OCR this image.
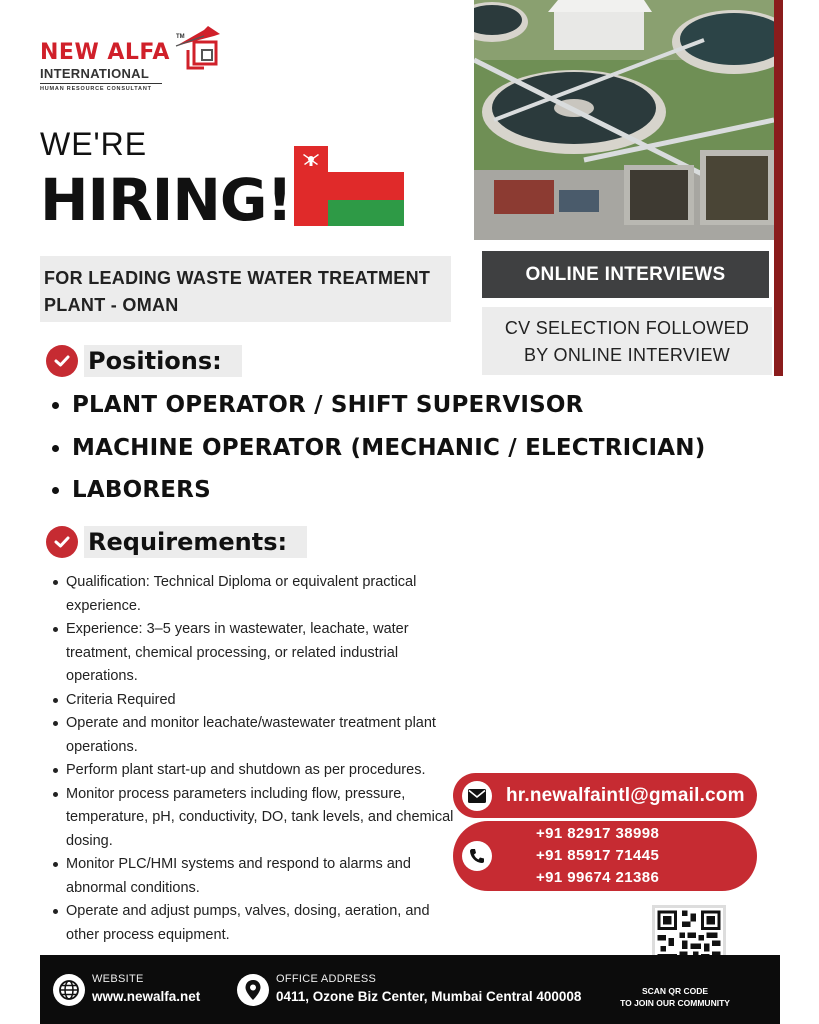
NEW ALFA
TM
INTERNATIONAL
HUMAN RESOURCE CONSULTANT
WE'RE
HIRING!
FOR LEADING WASTE WATER TREATMENT
PLANT - OMAN
ONLINE INTERVIEWS
CV SELECTION FOLLOWED
BY ONLINE INTERVIEW
Positions:
PLANT OPERATOR / SHIFT SUPERVISOR
MACHINE OPERATOR (MECHANIC / ELECTRICIAN)
LABORERS
Requirements:
Qualification: Technical Diploma or equivalent practical experience.
Experience: 3–5 years in wastewater, leachate, water treatment, chemical processing, or related industrial operations.
Criteria Required
Operate and monitor leachate/wastewater treatment plant operations.
Perform plant start-up and shutdown as per procedures.
Monitor process parameters including flow, pressure, temperature, pH, conductivity, DO, tank levels, and chemical dosing.
Monitor PLC/HMI systems and respond to alarms and abnormal conditions.
Operate and adjust pumps, valves, dosing, aeration, and other process equipment.
hr.newalfaintl@gmail.com
+91 82917 38998
+91 85917 71445
+91 99674 21386
WEBSITE
www.newalfa.net
OFFICE ADDRESS
0411, Ozone Biz Center, Mumbai Central 400008	SCAN QR CODE
TO JOIN OUR COMMUNITY
